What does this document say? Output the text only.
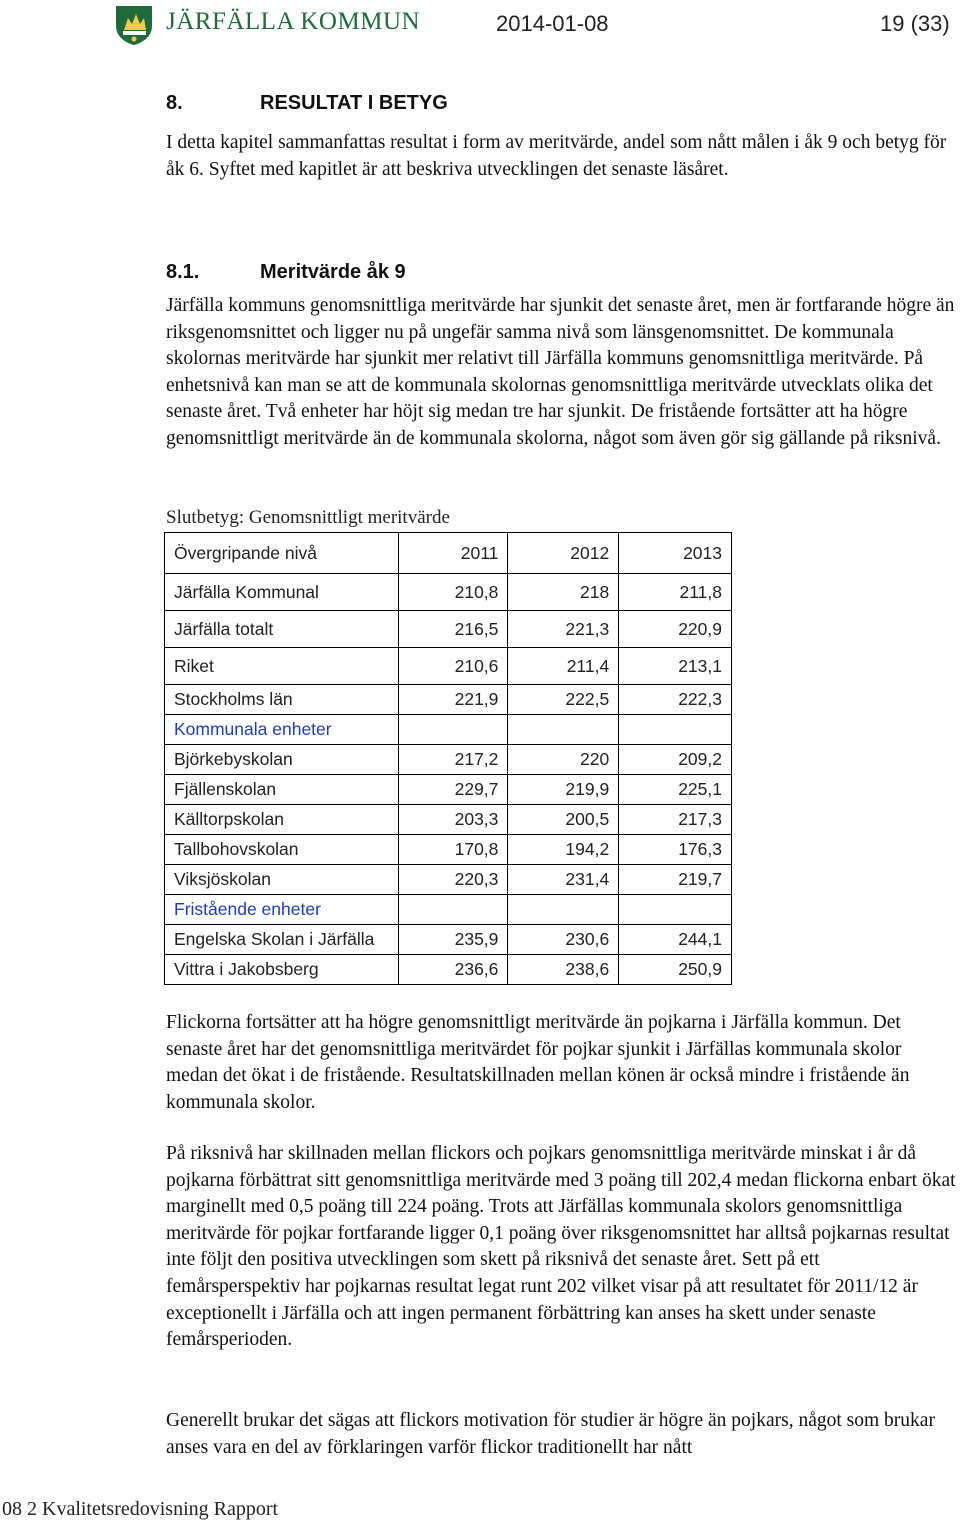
JÄRFÄLLA KOMMUN	2014-01-08	19 (33)
8.	RESULTAT I BETYG

I detta kapitel sammanfattas resultat i form av meritvärde, andel som nått målen i åk 9 och betyg för åk 6. Syftet med kapitlet är att beskriva utvecklingen det senaste läsåret.

8.1.	Meritvärde åk 9

Järfälla kommuns genomsnittliga meritvärde har sjunkit det senaste året, men är fortfarande högre än riksgenomsnittet och ligger nu på ungefär samma nivå som länsgenomsnittet. De kommunala skolornas meritvärde har sjunkit mer relativt till Järfälla kommuns genomsnittliga meritvärde. På enhetsnivå kan man se att de kommunala skolornas genomsnittliga meritvärde utvecklats olika det senaste året. Två enheter har höjt sig medan tre har sjunkit. De fristående fortsätter att ha högre genomsnittligt meritvärde än de kommunala skolorna, något som även gör sig gällande på riksnivå.

Slutbetyg: Genomsnittligt meritvärde
Övergripande nivå	2011	2012	2013
Järfälla Kommunal	210,8	218	211,8
Järfälla totalt	216,5	221,3	220,9
Riket	210,6	211,4	213,1
Stockholms län	221,9	222,5	222,3
Kommunala enheter			
Björkebyskolan	217,2	220	209,2
Fjällenskolan	229,7	219,9	225,1
Källtorpskolan	203,3	200,5	217,3
Tallbohovskolan	170,8	194,2	176,3
Viksjöskolan	220,3	231,4	219,7
Fristående enheter			
Engelska Skolan i Järfälla	235,9	230,6	244,1
Vittra i Jakobsberg	236,6	238,6	250,9

Flickorna fortsätter att ha högre genomsnittligt meritvärde än pojkarna i Järfälla kommun. Det senaste året har det genomsnittliga meritvärdet för pojkar sjunkit i Järfällas kommunala skolor medan det ökat i de fristående. Resultatskillnaden mellan könen är också mindre i fristående än kommunala skolor.

På riksnivå har skillnaden mellan flickors och pojkars genomsnittliga meritvärde minskat i år då pojkarna förbättrat sitt genomsnittliga meritvärde med 3 poäng till 202,4 medan flickorna enbart ökat marginellt med 0,5 poäng till 224 poäng. Trots att Järfällas kommunala skolors genomsnittliga meritvärde för pojkar fortfarande ligger 0,1 poäng över riksgenomsnittet har alltså pojkarnas resultat inte följt den positiva utvecklingen som skett på riksnivå det senaste året. Sett på ett femårsperspektiv har pojkarnas resultat legat runt 202 vilket visar på att resultatet för 2011/12 är exceptionellt i Järfälla och att ingen permanent förbättring kan anses ha skett under senaste femårsperioden.

Generellt brukar det sägas att flickors motivation för studier är högre än pojkars, något som brukar anses vara en del av förklaringen varför flickor traditionellt har nått

08 2 Kvalitetsredovisning Rapport
